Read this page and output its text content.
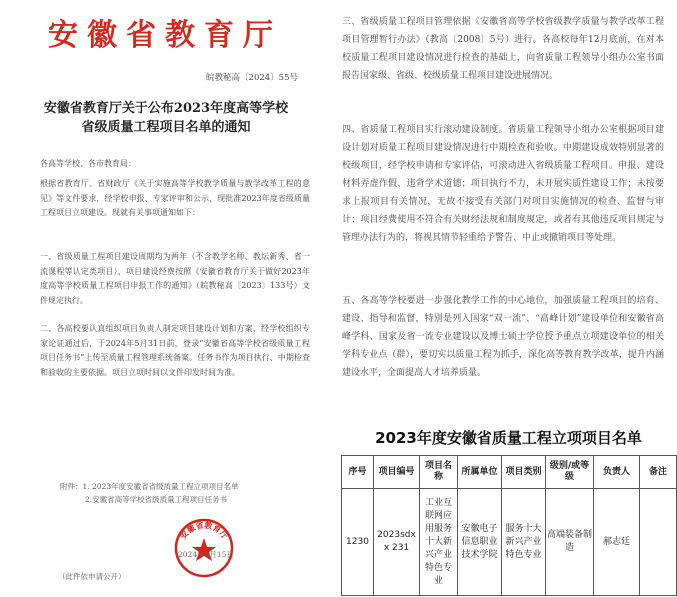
安徽省教育厅
皖教秘高〔2024〕55号
安徽省教育厅关于公布2023年度高等学校
省级质量工程项目名单的通知
各高等学校、各市教育局：

根据省教育厅、省财政厅《关于实施高等学校教学质量与教学改革工程的意见》等文件要求，经学校申报、专家评审和公示，现批准2023年度省级质量工程项目立项建设。现就有关事项通知如下：

一、省级质量工程项目建设周期均为两年（不含教学名师、教坛新秀、省一流课程等认定类项目），项目建设经费按照《安徽省教育厅关于做好2023年度高等学校质量工程项目申报工作的通知》（皖教秘高〔2023〕133号）文件规定执行。

二、各高校要认真组织项目负责人制定项目建设计划和方案，经学校组织专家论证通过后，于2024年5月31日前，登录“安徽省高等学校省级质量工程项目任务书”上传至质量工程管理系统备案。任务书作为项目执行、中期检查和验收的主要依据。项目立项时间以文件印发时间为准。

附件：1. 2023年度安徽省省级质量工程立项项目名单
2.安徽省高等学校省级质量工程项目任务书
安徽省教育厅
2024年5月15日
（此件依申请公开）

三、省级质量工程项目管理依据《安徽省高等学校省级教学质量与教学改革工程项目管理暂行办法》（教高〔2008〕5号）进行。各高校每年12月底前，在对本校质量工程项目建设情况进行检查的基础上，向省质量工程领导小组办公室书面报告国家级、省级、校级质量工程项目建设进展情况。

四、省质量工程项目实行滚动建设制度。省质量工程领导小组办公室根据项目建设计划对质量工程项目建设情况进行中期检查和验收。中期建设成效特别显著的校级项目，经学校申请和专家评估，可滚动进入省级质量工程项目。申报、建设材料弄虚作假、违背学术道德；项目执行不力，未开展实质性建设工作；未按要求上报项目有关情况，无故不接受有关部门对项目实施情况的检查、监督与审计；项目经费使用不符合有关财经法规和制度规定，或者有其他违反项目规定与管理办法行为的，将视其情节轻重给予警告、中止或撤销项目等处理。

五、各高等学校要进一步强化教学工作的中心地位，加强质量工程项目的培育、建设、指导和监督，特别是列入国家“双一流”、“高峰计划”建设单位和安徽省高峰学科、国家及省一流专业建设以及博士硕士学位授予重点立项建设单位的相关学科专业点（群），要切实以质量工程为抓手，深化高等教育教学改革，提升内涵建设水平，全面提高人才培养质量。

2023年度安徽省质量工程立项项目名单
序号	项目编号	项目名称	所属单位	项目类别	级别/或等级	负责人	备注
1230	2023sdxx 231	工业互联网应用服务十大新兴产业特色专业	安徽电子信息职业技术学院	服务十大新兴产业特色专业	高端装备制造	郝志廷	
